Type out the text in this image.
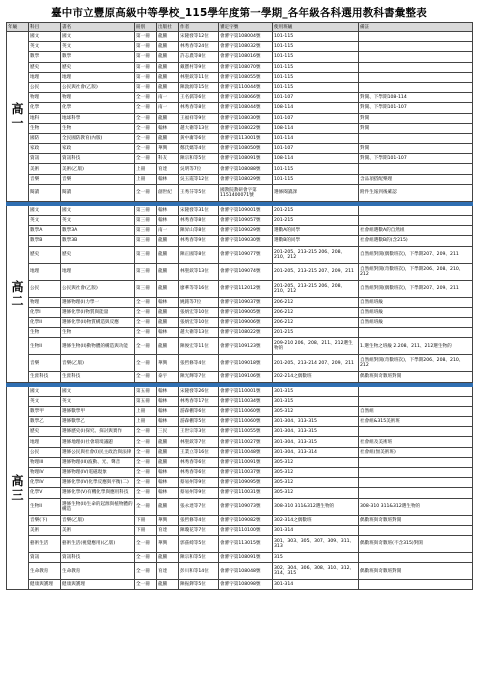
臺中市立豐原高級中等學校_115學年度第一學期_各年級各科選用教科書彙整表
年級	科目	書名	冊別	出版社	作者	審定字號	使用班級	備註
高一	國文	國文	第一冊	龍騰	宋隆發等12位	會審字第108004號	101-115	
	英文	英文	第一冊	龍騰	林秀春等24位	會審字第108032號	101-115	
	數學	數學	第一冊	龍騰	許志農等8位	會審字第108016號	101-115	
	歷史	歷史	第一冊	龍騰	戴寶村等9位	會審字第108070號	101-115	
	地理	地理	第一冊	龍騰	林聖欽等11位	會審字第108055號	101-115	
	公民	公民與社會(乙版)	第一冊	龍騰	陳敦源等15位	會審字第110044號	101-115	
	物理	物理	全一冊	南一	王名儒等6位	會審字第108066號	101-107	對開、下學期108-114
	化學	化學	全一冊	南一	林秀春等8位	會審字第108044號	108-114	對開、下學期101-107
	地科	地球科學	全一冊	龍騰	王福祥等9位	會審字第108030號	101-107	對開
	生物	生物	全一冊	翰林	趙大衛等13位	會審字第108022號	108-114	對開
	國防	全民國防教育(內版)	全一冊	龍騰	黃中庸等6位	會審字第113001號	101-114	
	家政	家政	全一冊	華興	鄭氏媽等4位	會審字第108050號	101-107	對開
	資訊	資訊科技	全一冊	科友	陳宗和等5位	會審字第108091號	108-114	對開、下學期101-107
	美術	美術(乙版)	上冊	育達	吳明等7位	會審字第108088號	101-115	
	音樂	音樂	上冊	翰林	吳玉霞等12位	會審字第108029號	101-115	含品項搭配樂理
	閱讀	閱讀	全一冊	創世紀	王秀芬等5位	國教院教研會字第1151400071號	選修閱讀課	附件生報到後確認

高二	國文	國文	第三冊	翰林	宋隆發等31位	會審字第109001號	201-215	
	英文	英文	第三冊	翰林	林秀春等8位	會審字第109057號	201-215	
	數學A	數學3A	第三冊	南一	陳昇山等8位	會審字第109029號	選數A的同學	社會組選數A的自然組
	數學B	數學3B	第三冊	龍騰	林秀春等9位	會審字第109030號	選數B的同學	社會組選數B的(含215)
	歷史	歷史	第三冊	龍騰	陳正國等8位	會審字第109077號	201-205、213-215 206、208、210、212	自然組對開(偶數班次)，下學期207、209、211
	地理	地理	第三冊	龍騰	林聖欽等13位	會審字第109074號	201-205、213-215 207、209、211	自然組對開(奇數班次)，下學期206、208、210、212
	公民	公民與社會(乙版)	第三冊	龍騰	廖華等等16位	會審字第112012號	201-205、213-215 206、208、210、212	自然組對開(偶數班次)，下學期207、209、211
	物理	選修物理(I)力學一	全一冊	翰林	姚銘等7位	會審字第109037號	206-212	自然組班級
	化學I	選修化學(I)物質與能量	全一冊	龍騰	張炳宏等10位	會審字第109005號	206-212	自然組班級
	化學II	選修化學(II)物質構造與反應	全一冊	龍騰	張炳宏等10位	會審字第109006號	206-212	自然組班級
	生物	生物	全一冊	翰林	趙大衛等13位	會審字第108022號	201-215	
	生物II	選修生物(II)動物體的構造與功能	全一冊	龍騰	陳俊宏等11位	會審字第109123號	209-210 206、208、211、212選生物的	1.選生物之班級 2.208、211、212選生物的
	音樂	音樂(乙版)	全一冊	華興	張哲修等4位	會審字第109018號	201-205、213-214 207、209、211	自然組對開(奇數班次)，下學期206、208、210、212
	生涯科技	生涯科技	全一冊	泰宇	陳光輝等7位	會審字第109106號	202-214之偶數班	偶數班與奇數班對開

高三	國文	國文	第五冊	翰林	宋隆發等26位	會審字第110001號	301-315	
	英文	英文	第五冊	翰林	林秀春等17位	會審字第110034號	301-315	
	數學甲	選修數學甲	上冊	翰林	游森棚等6位	會審字第110060號	305-312	自然組
	數學乙	選修數學乙	上冊	翰林	游森棚等5位	會審字第110060號	301-304、313-315	社會組&315美術班
	歷史	選修歷史(I)探究、探討與實作	全一冊	三民	王世宗等3位	會審字第110055號	301-304、313-315	
	地理	選修地理(I)社會環境議題	全一冊	龍騰	林聖欽等7位	會審字第110027號	301-304、313-315	社會組及美術班
	公民	選修公民與社會(I)民主政治與法律	全一冊	龍騰	王業立等16位	會審字第110048號	301-304、313-314	社會組(無美術班)
	物理III	選修物理(III)波動、光、聲音	全一冊	龍騰	林秀春等6位	會審字第110091號	305-312	
	物理IV	選修物理(IV)電磁現象	全一冊	翰林	林秀春等6位	會審字第110037號	305-312	
	化學IV	選修化學(IV)化學反應與平衡(二)	全一冊	翰林	蔡易州等9位	會審字第109095號	305-312	
	化學V	選修化學(V)有機化學與應用科技	全一冊	翰林	蔡易州等9位	會審字第110031號	305-312	
	生物II	選修生物(II)生命的起源與植物體的構造	全一冊	龍騰	張永達等7位	會審字第109073號	308-310 311&312選生物的	308-310 311&312選生物的
	音樂(下)	音樂(乙版)	下冊	華興	張哲修等4位	會審字第109082號	302-314之偶數班	偶數班與奇數班對開
	美術	美術	下冊	育達	陳瓊花等7位	會審字第110100號	301-314	
	藝術生活	藝術生活(視覺應用)(乙版)	全一冊	華興	郭茲綺等5位	會審字第113015號	301、303、305、307、309、311、313	偶數班與奇數班(不含315)對開
	資訊	資訊科技	全一冊	龍騰	陳宗和等5位	會審字第108091號	315	
	生命教育	生命教育	全一冊	育達	彭川和等14位	會審字第108048號	302、304、306、308、310、312、314、315	偶數班與奇數班對開
	健康與護理	健康與護理	全一冊	龍騰	陳振鐸等5位	會審字第108098號	301-314	
